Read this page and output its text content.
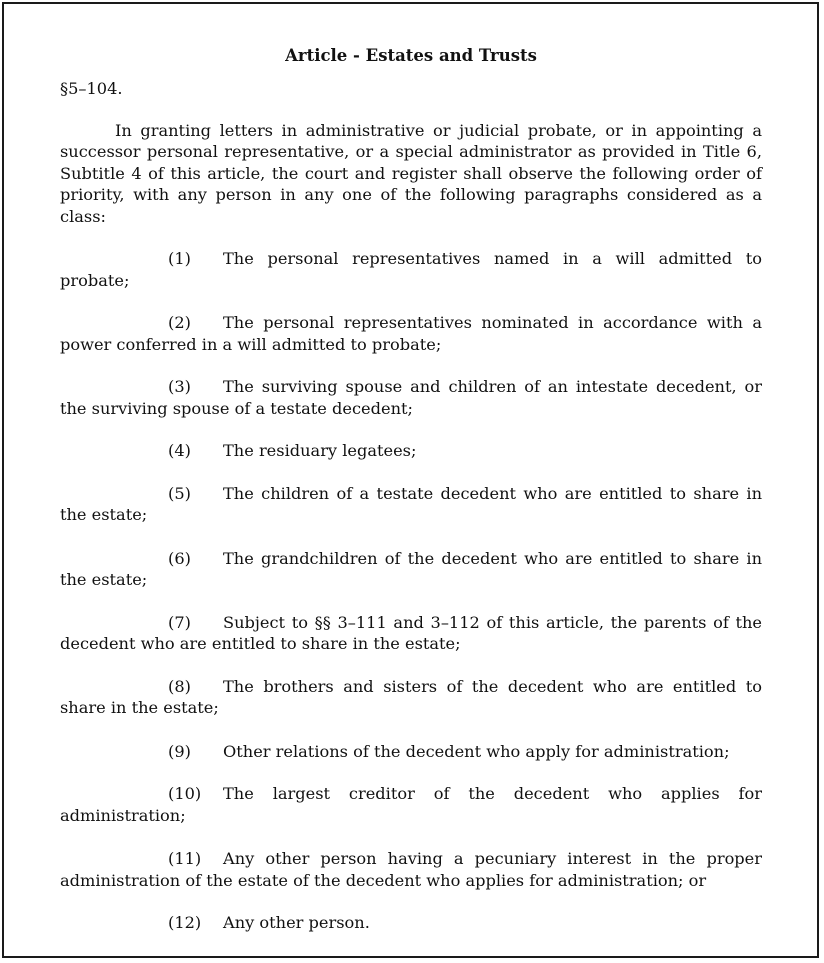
Article - Estates and Trusts

§5–104.

In granting letters in administrative or judicial probate, or in appointing a successor personal representative, or a special administrator as provided in Title 6, Subtitle 4 of this article, the court and register shall observe the following order of priority, with any person in any one of the following paragraphs considered as a class:

(1) The personal representatives named in a will admitted to probate;

(2) The personal representatives nominated in accordance with a power conferred in a will admitted to probate;

(3) The surviving spouse and children of an intestate decedent, or the surviving spouse of a testate decedent;

(4) The residuary legatees;

(5) The children of a testate decedent who are entitled to share in the estate;

(6) The grandchildren of the decedent who are entitled to share in the estate;

(7) Subject to §§ 3–111 and 3–112 of this article, the parents of the decedent who are entitled to share in the estate;

(8) The brothers and sisters of the decedent who are entitled to share in the estate;

(9) Other relations of the decedent who apply for administration;

(10) The largest creditor of the decedent who applies for administration;

(11) Any other person having a pecuniary interest in the proper administration of the estate of the decedent who applies for administration; or

(12) Any other person.
